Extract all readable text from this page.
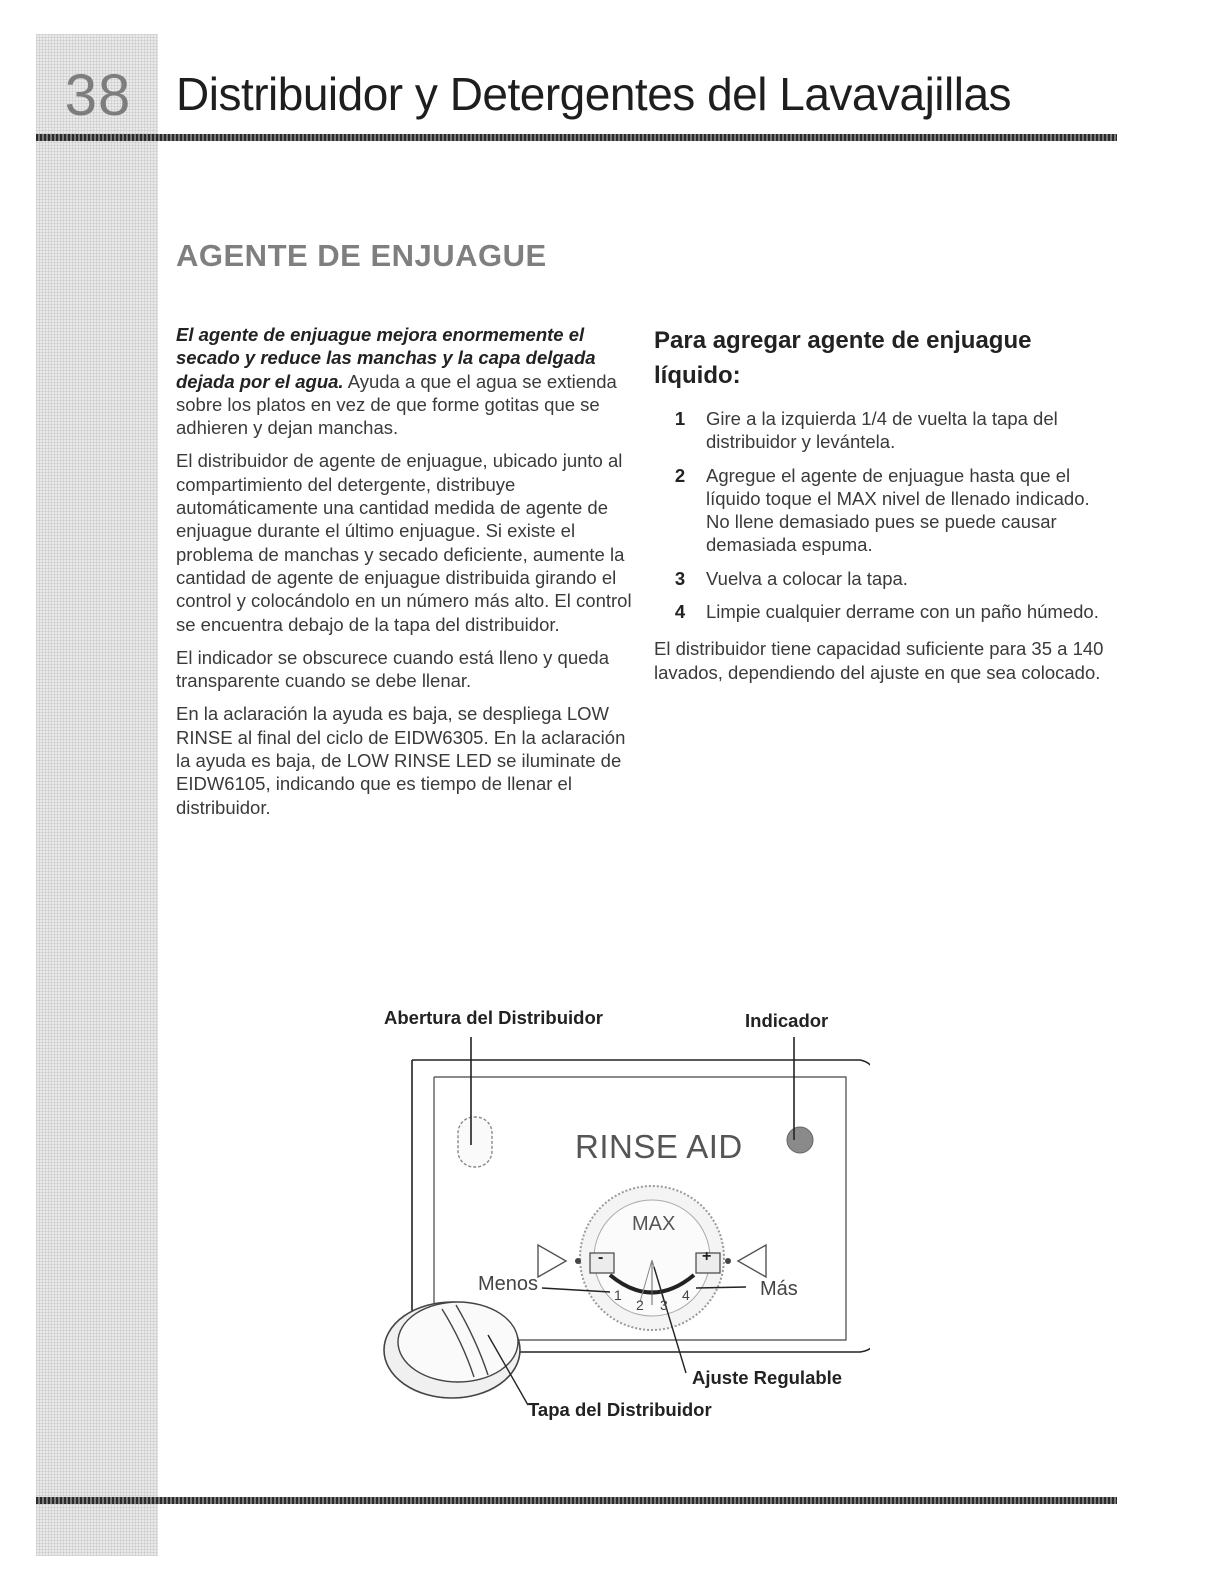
38 Distribuidor y Detergentes del Lavavajillas
AGENTE DE ENJUAGUE

El agente de enjuague mejora enormemente el secado y reduce las manchas y la capa delgada dejada por el agua. Ayuda a que el agua se extienda sobre los platos en vez de que forme gotitas que se adhieren y dejan manchas.

El distribuidor de agente de enjuague, ubicado junto al compartimiento del detergente, distribuye automáticamente una cantidad medida de agente de enjuague durante el último enjuague. Si existe el problema de manchas y secado deficiente, aumente la cantidad de agente de enjuague distribuida girando el control y colocándolo en un número más alto. El control se encuentra debajo de la tapa del distribuidor.

El indicador se obscurece cuando está lleno y queda transparente cuando se debe llenar.

En la aclaración la ayuda es baja, se despliega LOW RINSE al final del ciclo de EIDW6305. En la aclaración la ayuda es baja, de LOW RINSE LED se iluminate de EIDW6105, indicando que es tiempo de llenar el distribuidor.

Para agregar agente de enjuague líquido:
1	Gire a la izquierda 1/4 de vuelta la tapa del distribuidor y levántela.
2	Agregue el agente de enjuague hasta que el líquido toque el MAX nivel de llenado indicado. No llene demasiado pues se puede causar demasiada espuma.
3	Vuelva a colocar la tapa.
4	Limpie cualquier derrame con un paño húmedo.

El distribuidor tiene capacidad suficiente para 35 a 140 lavados, dependiendo del ajuste en que sea colocado.

Abertura del Distribuidor	Indicador
RINSE AID
MAX
Menos	Más
-	+
1
2 3
4
Ajuste Regulable
Tapa del Distribuidor
